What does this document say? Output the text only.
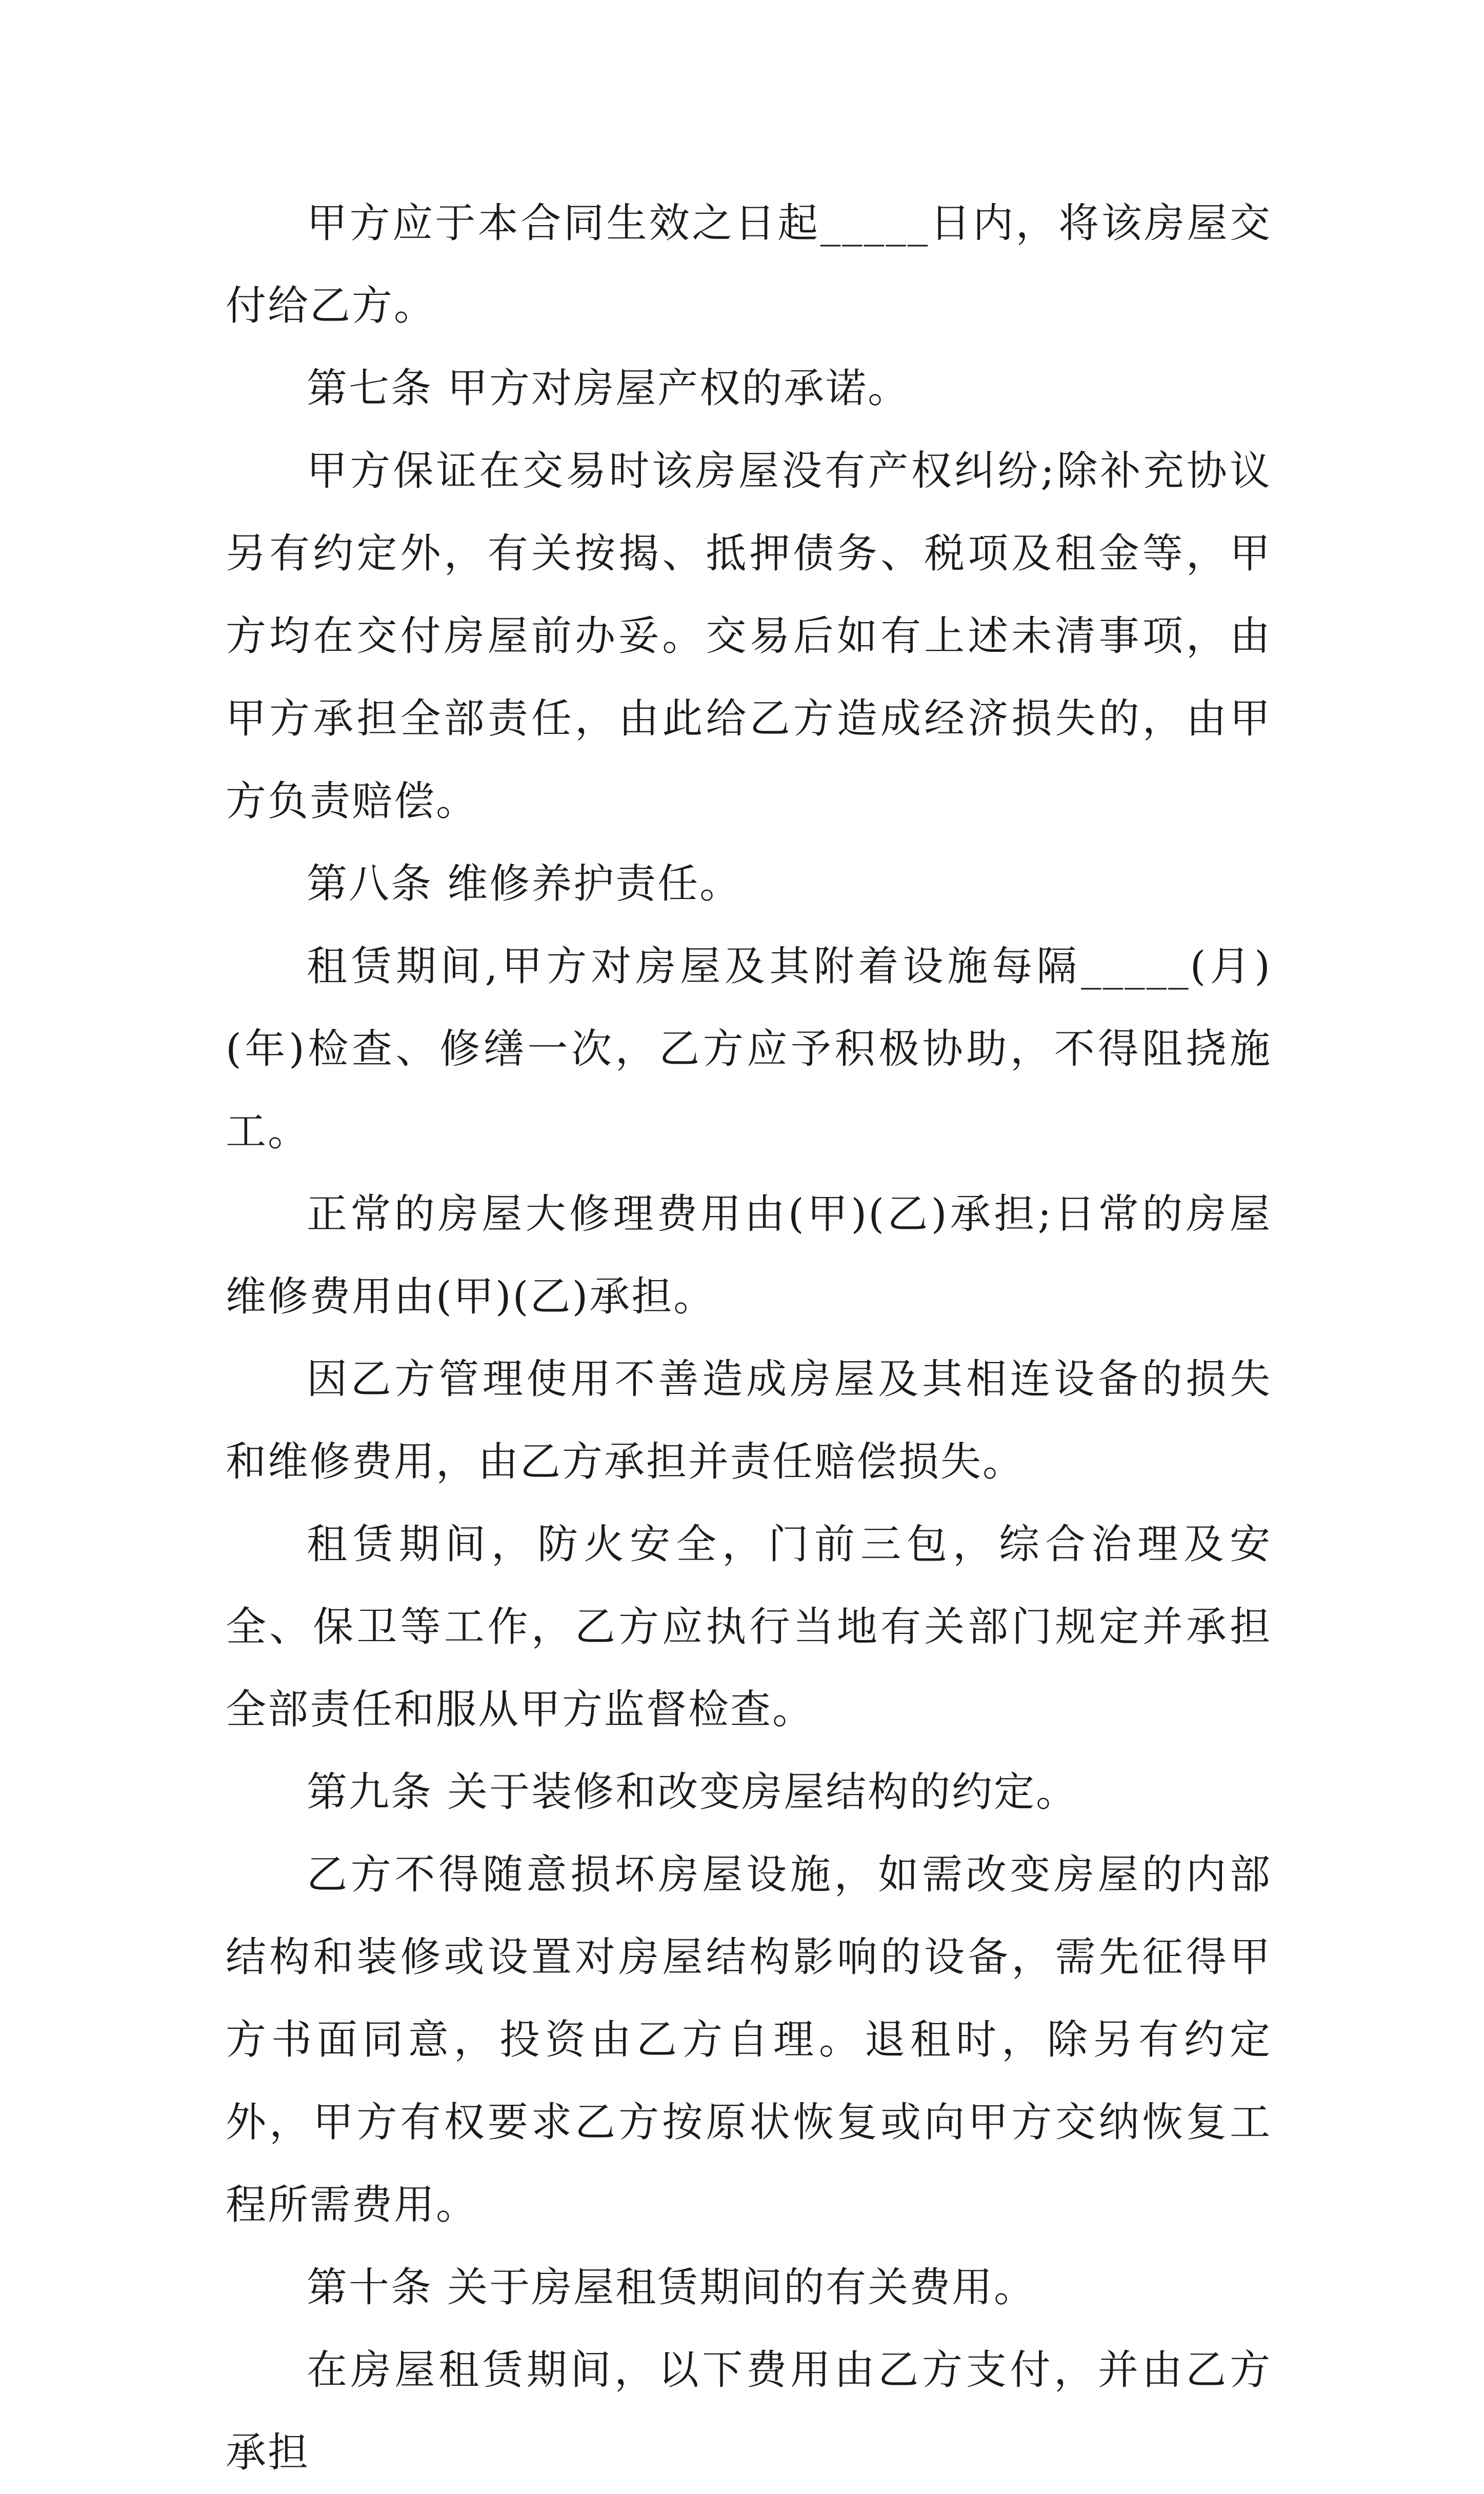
甲方应于本合同生效之日起_____日内，将该房屋交付给乙方。

第七条 甲方对房屋产权的承诺。

甲方保证在交易时该房屋没有产权纠纷;除补充协议另有约定外，有关按揭、抵押债务、税项及租金等，甲方均在交付房屋前办妥。交易后如有上述未清事项，由甲方承担全部责任，由此给乙方造成经济损失的，由甲方负责赔偿。

第八条 维修养护责任。

租赁期间,甲方对房屋及其附着设施每隔_____(月)(年)检查、修缮一次，乙方应予积极协助，不得阻挠施工。

正常的房屋大修理费用由(甲)(乙)承担;日常的房屋维修费用由(甲)(乙)承担。

因乙方管理使用不善造成房屋及其相连设备的损失和维修费用，由乙方承担并责任赔偿损失。

租赁期间，防火安全，门前三包，综合治理及安全、保卫等工作，乙方应执行当地有关部门规定并承担全部责任和服从甲方监督检查。

第九条 关于装修和改变房屋结构的约定。

乙方不得随意损坏房屋设施，如需改变房屋的内部结构和装修或设置对房屋结构影响的设备，需先征得甲方书面同意，投资由乙方自理。退租时，除另有约定外，甲方有权要求乙方按原状恢复或向甲方交纳恢复工程所需费用。

第十条 关于房屋租赁期间的有关费用。

在房屋租赁期间，以下费用由乙方支付，并由乙方承担
